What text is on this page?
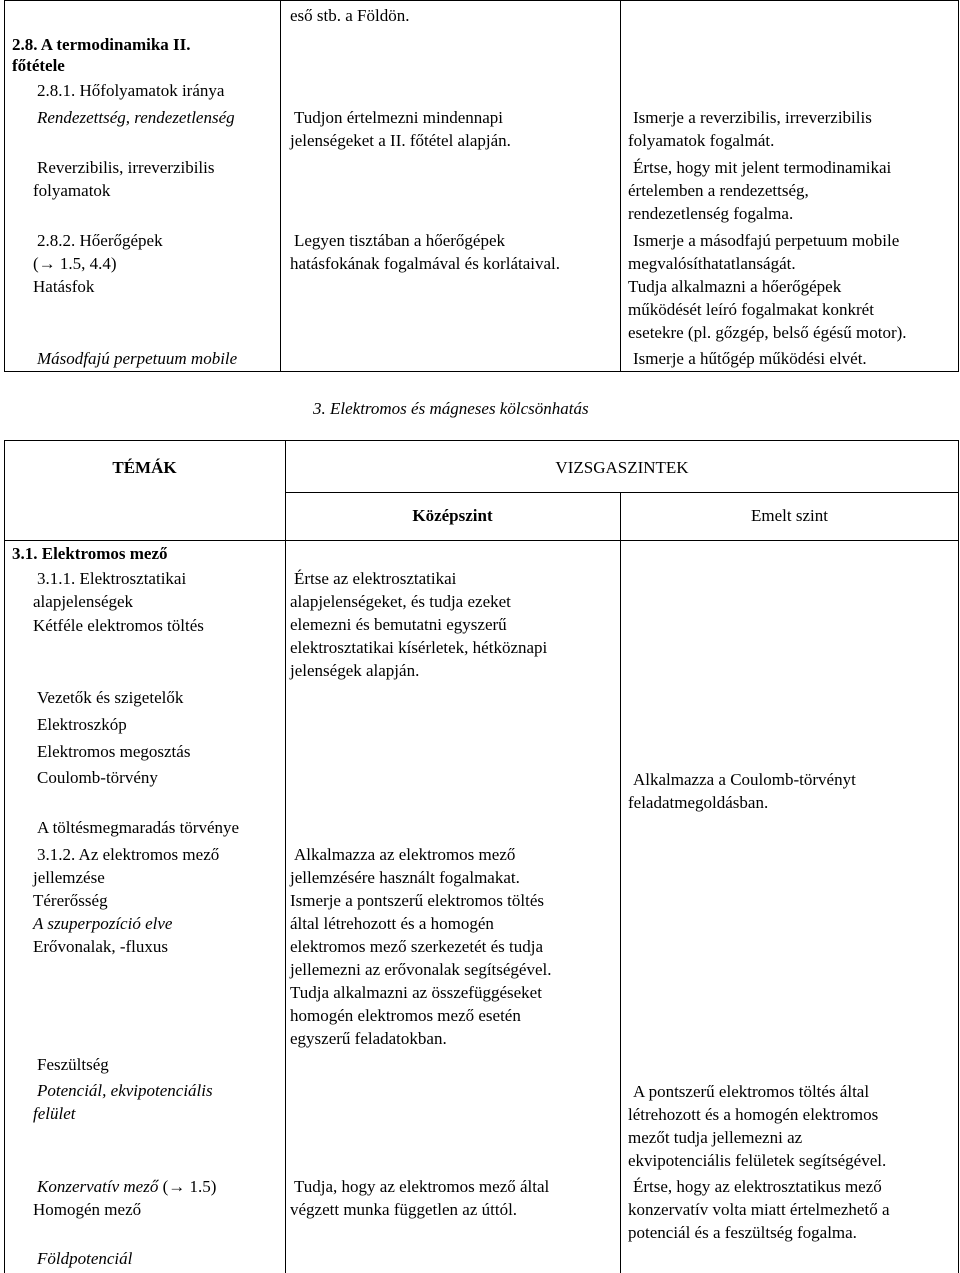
2.8. A termodinamika II.
főtétele
2.8.1. Hőfolyamatok iránya
Rendezettség, rendezetlenség
Reverzibilis, irreverzibilis
folyamatok
2.8.2. Hőerőgépek
(→ 1.5, 4.4)
Hatásfok
Másodfajú perpetuum mobile
eső stb. a Földön.
Tudjon értelmezni mindennapi
jelenségeket a II. főtétel alapján.
Legyen tisztában a hőerőgépek
hatásfokának fogalmával és korlátaival.
Ismerje a reverzibilis, irreverzibilis
folyamatok fogalmát.
Értse, hogy mit jelent termodinamikai
értelemben a rendezettség,
rendezetlenség fogalma.
Ismerje a másodfajú perpetuum mobile
megvalósíthatatlanságát.
Tudja alkalmazni a hőerőgépek
működését leíró fogalmakat konkrét
esetekre (pl. gőzgép, belső égésű motor).
Ismerje a hűtőgép működési elvét.
3. Elektromos és mágneses kölcsönhatás
TÉMÁK	VIZSGASZINTEK
Középszint	Emelt szint
3.1. Elektromos mező
3.1.1. Elektrosztatikai
alapjelenségek
Kétféle elektromos töltés
Vezetők és szigetelők
Elektroszkóp
Elektromos megosztás
Coulomb-törvény
A töltésmegmaradás törvénye
3.1.2. Az elektromos mező
jellemzése
Térerősség
A szuperpozíció elve
Erővonalak, -fluxus
Feszültség
Potenciál, ekvipotenciális
felület
Konzervatív mező (→ 1.5)
Homogén mező
Földpotenciál
Értse az elektrosztatikai
alapjelenségeket, és tudja ezeket
elemezni és bemutatni egyszerű
elektrosztatikai kísérletek, hétköznapi
jelenségek alapján.
Alkalmazza az elektromos mező
jellemzésére használt fogalmakat.
Ismerje a pontszerű elektromos töltés
által létrehozott és a homogén
elektromos mező szerkezetét és tudja
jellemezni az erővonalak segítségével.
Tudja alkalmazni az összefüggéseket
homogén elektromos mező esetén
egyszerű feladatokban.
Tudja, hogy az elektromos mező által
végzett munka független az úttól.
Alkalmazza a Coulomb-törvényt
feladatmegoldásban.
A pontszerű elektromos töltés által
létrehozott és a homogén elektromos
mezőt tudja jellemezni az
ekvipotenciális felületek segítségével.
Értse, hogy az elektrosztatikus mező
konzervatív volta miatt értelmezhető a
potenciál és a feszültség fogalma.
